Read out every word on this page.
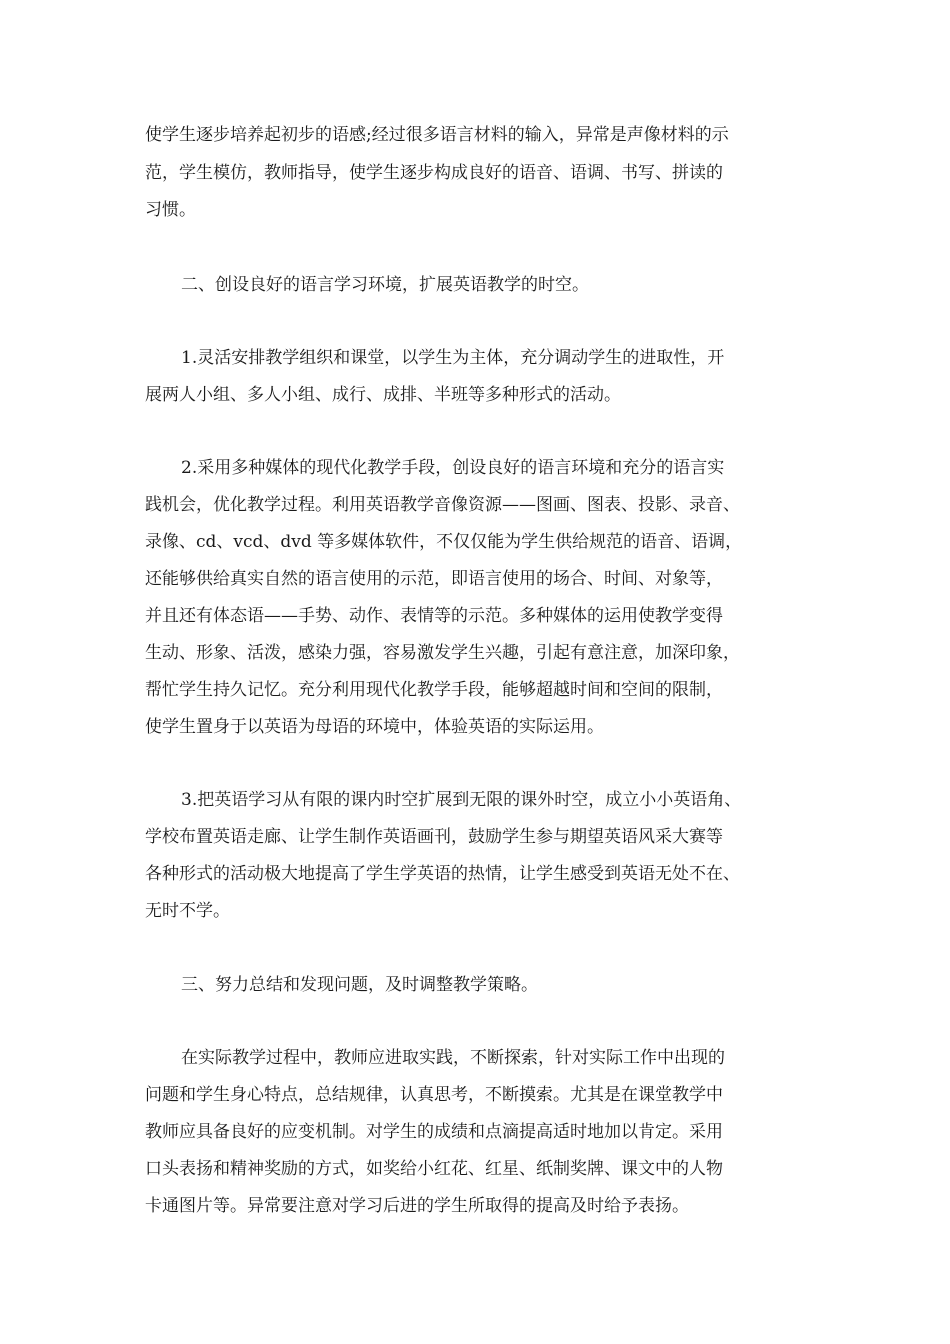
使学生逐步培养起初步的语感;经过很多语言材料的输入，异常是声像材料的示

范，学生模仿，教师指导，使学生逐步构成良好的语音、语调、书写、拼读的

习惯。

二、创设良好的语言学习环境，扩展英语教学的时空。

1.灵活安排教学组织和课堂，以学生为主体，充分调动学生的进取性，开

展两人小组、多人小组、成行、成排、半班等多种形式的活动。

2.采用多种媒体的现代化教学手段，创设良好的语言环境和充分的语言实

践机会，优化教学过程。利用英语教学音像资源——图画、图表、投影、录音、

录像、cd、vcd、dvd 等多媒体软件，不仅仅能为学生供给规范的语音、语调，

还能够供给真实自然的语言使用的示范，即语言使用的场合、时间、对象等，

并且还有体态语——手势、动作、表情等的示范。多种媒体的运用使教学变得

生动、形象、活泼，感染力强，容易激发学生兴趣，引起有意注意，加深印象，

帮忙学生持久记忆。充分利用现代化教学手段，能够超越时间和空间的限制，

使学生置身于以英语为母语的环境中，体验英语的实际运用。

3.把英语学习从有限的课内时空扩展到无限的课外时空，成立小小英语角、

学校布置英语走廊、让学生制作英语画刊，鼓励学生参与期望英语风采大赛等

各种形式的活动极大地提高了学生学英语的热情，让学生感受到英语无处不在、

无时不学。

三、努力总结和发现问题，及时调整教学策略。

在实际教学过程中，教师应进取实践，不断探索，针对实际工作中出现的

问题和学生身心特点，总结规律，认真思考，不断摸索。尤其是在课堂教学中

教师应具备良好的应变机制。对学生的成绩和点滴提高适时地加以肯定。采用

口头表扬和精神奖励的方式，如奖给小红花、红星、纸制奖牌、课文中的人物

卡通图片等。异常要注意对学习后进的学生所取得的提高及时给予表扬。
